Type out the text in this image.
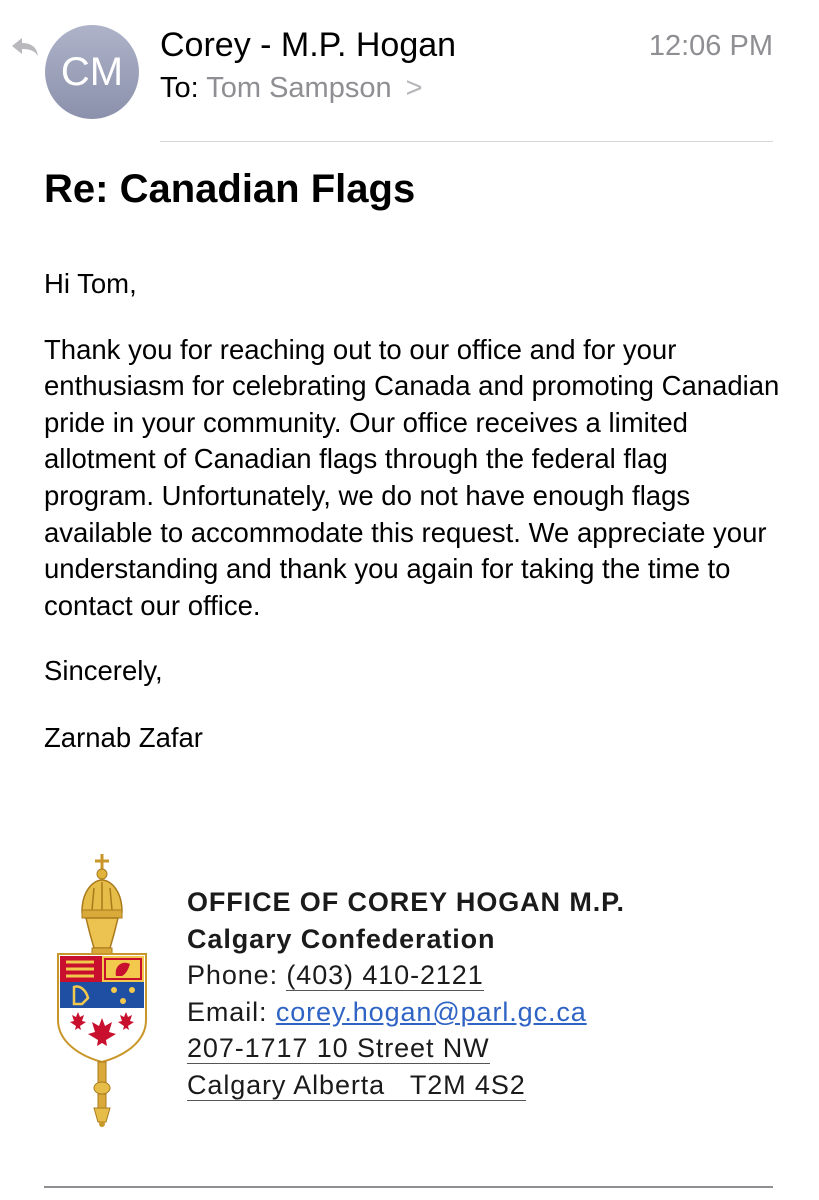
CM
Corey - M.P. Hogan	12:06 PM
To: Tom Sampson >
Re: Canadian Flags

Hi Tom,

Thank you for reaching out to our office and for your enthusiasm for celebrating Canada and promoting Canadian pride in your community. Our office receives a limited allotment of Canadian flags through the federal flag program. Unfortunately, we do not have enough flags available to accommodate this request. We appreciate your understanding and thank you again for taking the time to contact our office.

Sincerely,

Zarnab Zafar
OFFICE OF COREY HOGAN M.P.
Calgary Confederation
Phone: (403) 410-2121
Email: corey.hogan@parl.gc.ca
207-1717 10 Street NW
Calgary Alberta   T2M 4S2
